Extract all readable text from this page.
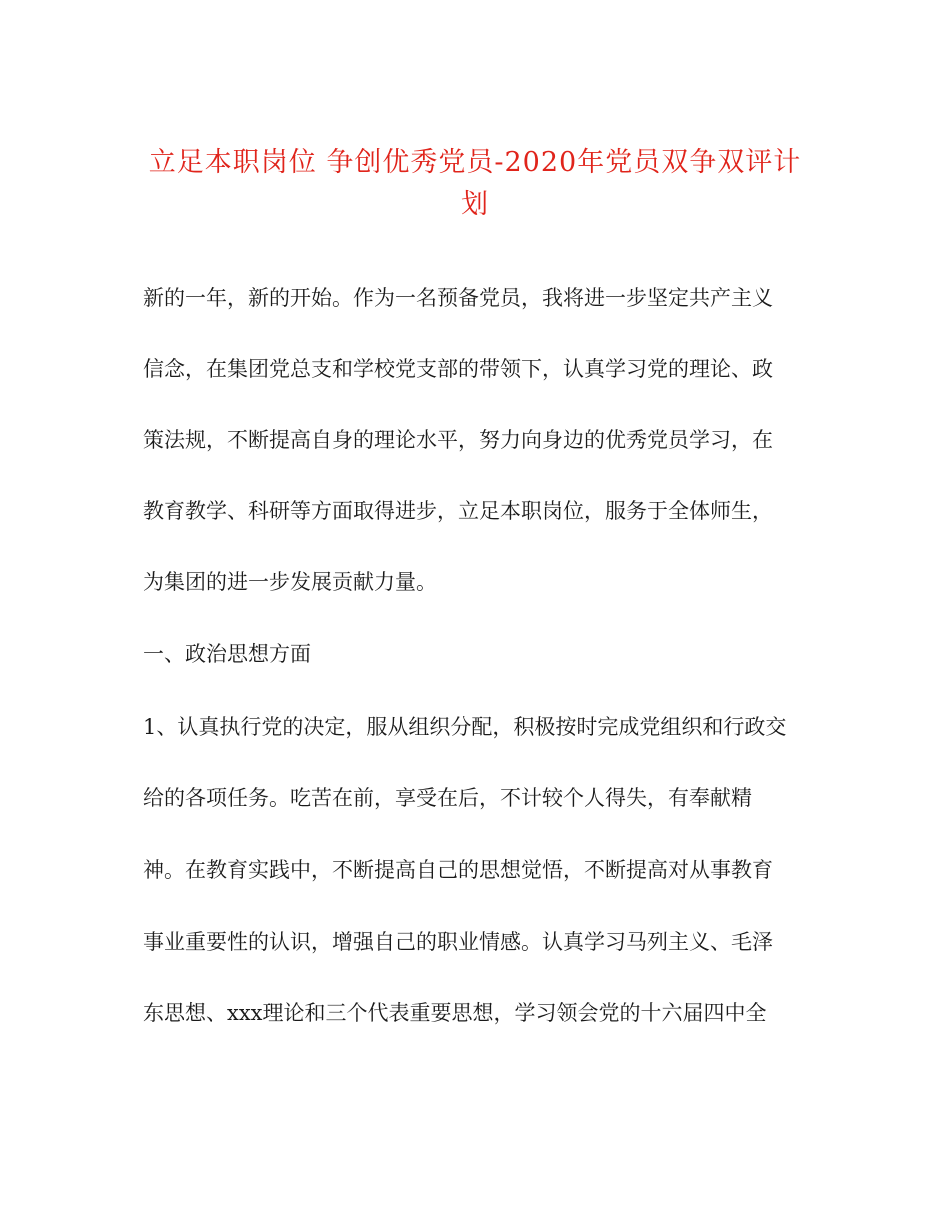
立足本职岗位 争创优秀党员-2020年党员双争双评计
划
新的一年，新的开始。作为一名预备党员，我将进一步坚定共产主义
信念，在集团党总支和学校党支部的带领下，认真学习党的理论、政
策法规，不断提高自身的理论水平，努力向身边的优秀党员学习，在
教育教学、科研等方面取得进步，立足本职岗位，服务于全体师生，
为集团的进一步发展贡献力量。
一、政治思想方面
1、认真执行党的决定，服从组织分配，积极按时完成党组织和行政交
给的各项任务。吃苦在前，享受在后，不计较个人得失，有奉献精
神。在教育实践中，不断提高自己的思想觉悟，不断提高对从事教育
事业重要性的认识，增强自己的职业情感。认真学习马列主义、毛泽
东思想、xxx理论和三个代表重要思想，学习领会党的十六届四中全
